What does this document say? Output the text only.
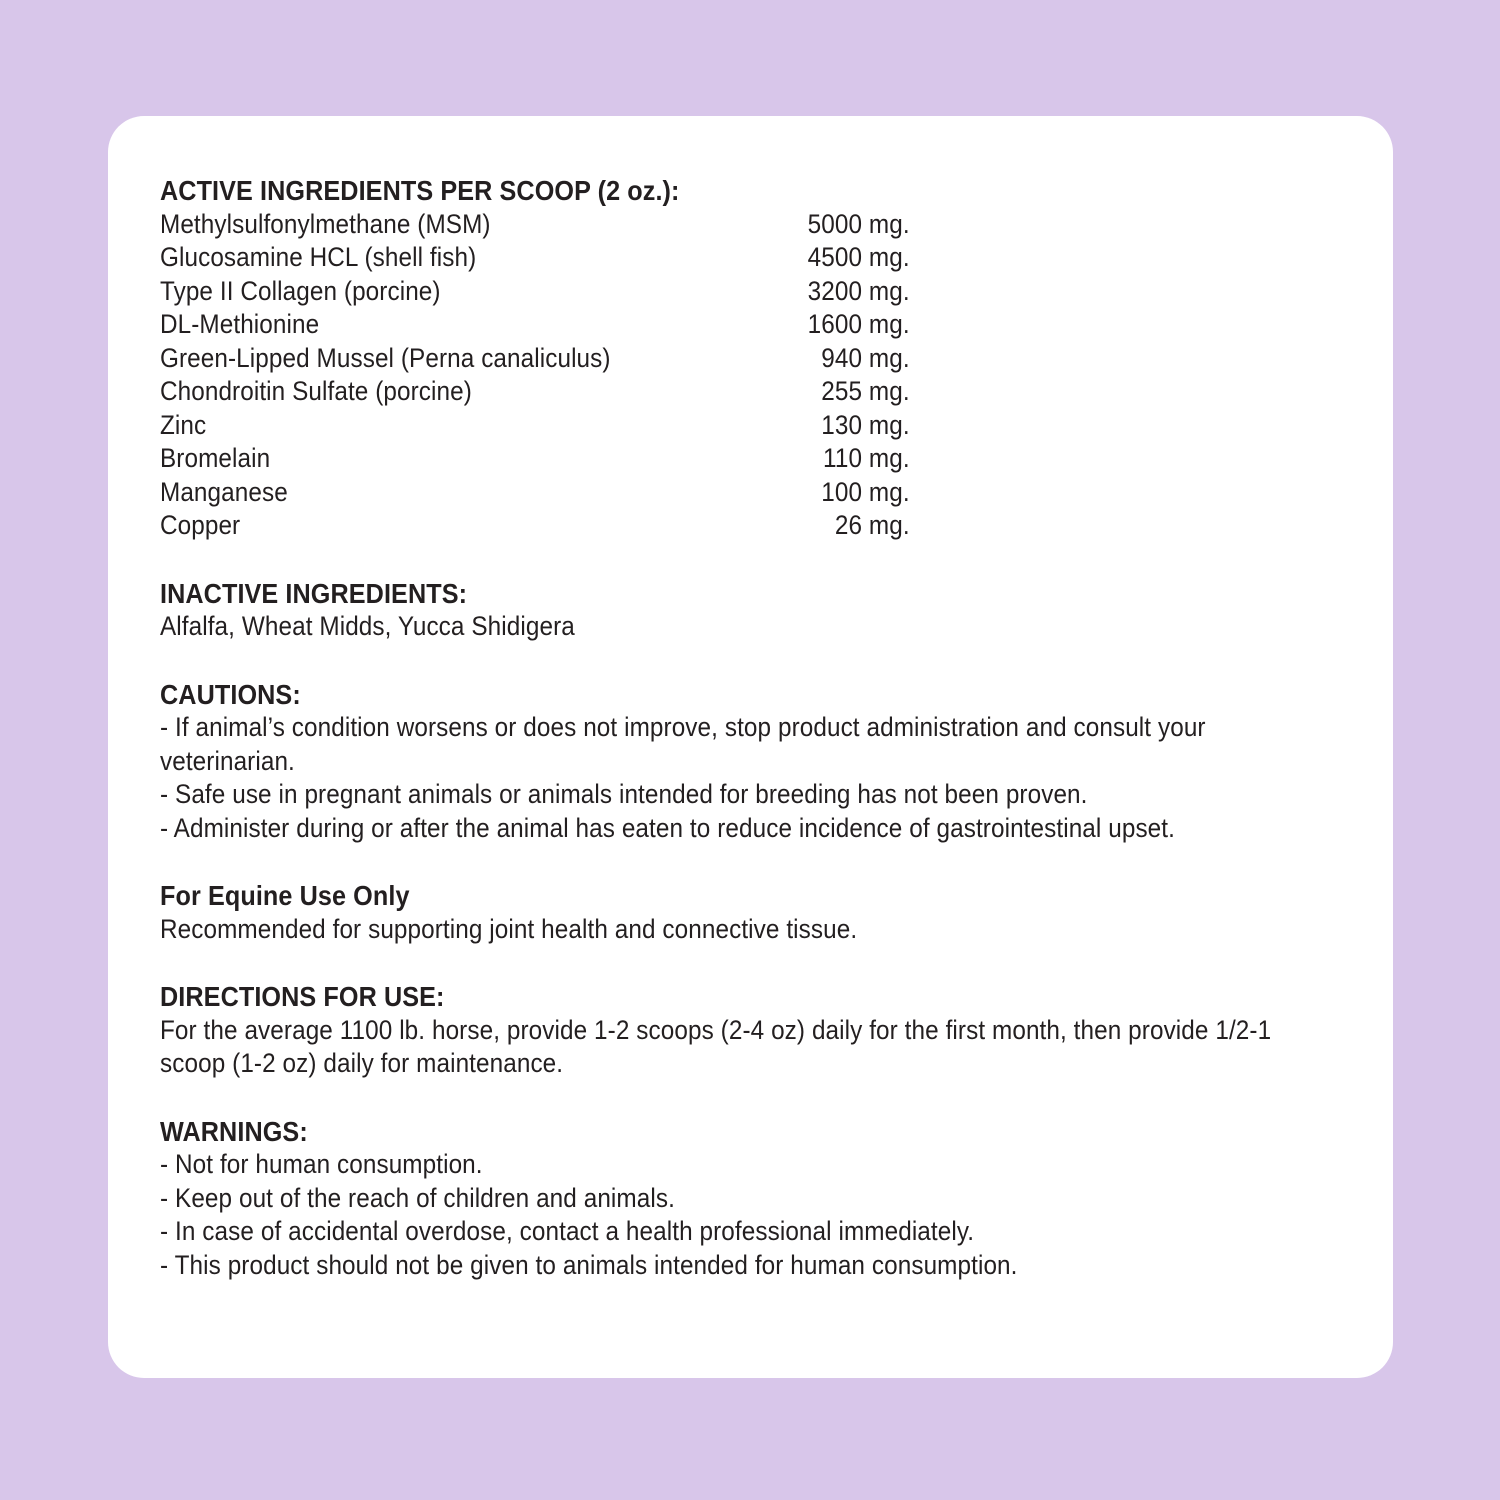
ACTIVE INGREDIENTS PER SCOOP (2 oz.):
Methylsulfonylmethane (MSM)	5000 mg.
Glucosamine HCL (shell fish)	4500 mg.
Type II Collagen (porcine)	3200 mg.
DL-Methionine	1600 mg.
Green-Lipped Mussel (Perna canaliculus)	940 mg.
Chondroitin Sulfate (porcine)	255 mg.
Zinc	130 mg.
Bromelain	110 mg.
Manganese	100 mg.
Copper	26 mg.
INACTIVE INGREDIENTS:

Alfalfa, Wheat Midds, Yucca Shidigera

CAUTIONS:

- If animal’s condition worsens or does not improve, stop product administration and consult your veterinarian.

- Safe use in pregnant animals or animals intended for breeding has not been proven.

- Administer during or after the animal has eaten to reduce incidence of gastrointestinal upset.

For Equine Use Only

Recommended for supporting joint health and connective tissue.

DIRECTIONS FOR USE:

For the average 1100 lb. horse, provide 1-2 scoops (2-4 oz) daily for the first month, then provide 1/2-1 scoop (1-2 oz) daily for maintenance.

WARNINGS:

- Not for human consumption.

- Keep out of the reach of children and animals.

- In case of accidental overdose, contact a health professional immediately.

- This product should not be given to animals intended for human consumption.
